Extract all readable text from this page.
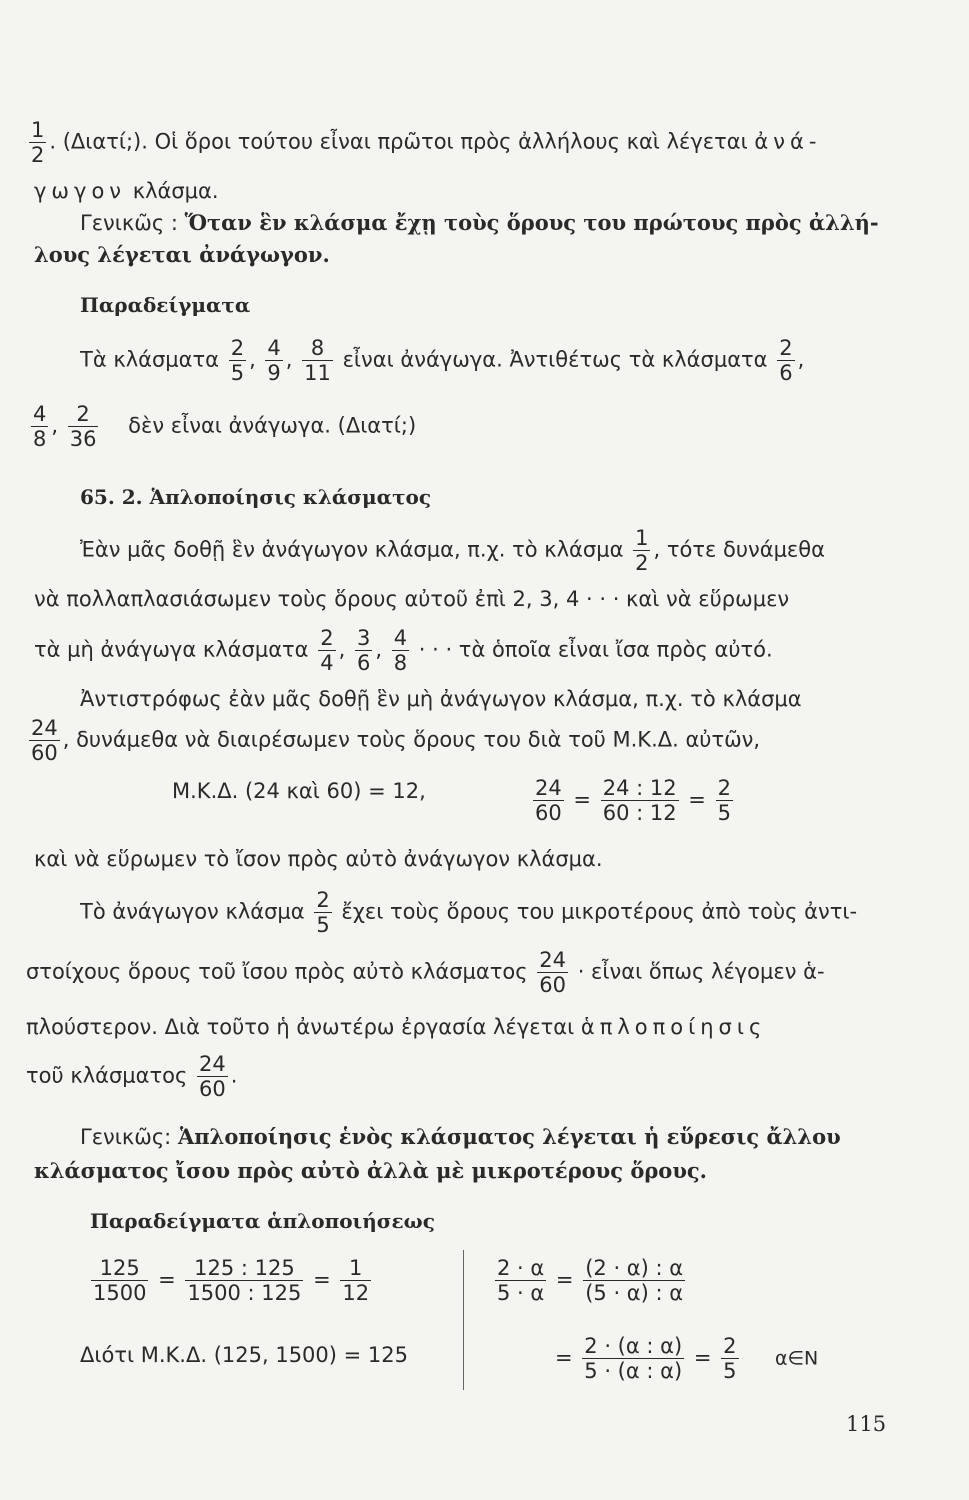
$\frac{1}{2}$ . (Διατί;). Οἱ ὅροι τούτου εἶναι πρῶτοι πρὸς ἀλλήλους καὶ λέγεται ἀνά-
γωγον κλάσμα.
Γενικῶς : Ὅταν ἓν κλάσμα ἔχῃ τοὺς ὅρους του πρώτους πρὸς ἀλλή-
λους λέγεται ἀνάγωγον.
Παραδείγματα
Τὰ κλάσματα $\frac{2}{5}$ , $\frac{4}{9}$ , $\frac{8}{11}$ εἶναι ἀνάγωγα. Ἀντιθέτως τὰ κλάσματα $\frac{2}{6}$ ,
$\frac{4}{8}$ , $\frac{2}{36}$ δὲν εἶναι ἀνάγωγα. (Διατί;)
65. 2. Ἁπλοποίησις κλάσματος
Ἐὰν μᾶς δοθῇ ἓν ἀνάγωγον κλάσμα, π.χ. τὸ κλάσμα $\frac{1}{2}$ , τότε δυνάμεθα
νὰ πολλαπλασιάσωμεν τοὺς ὅρους αὐτοῦ ἐπὶ 2, 3, 4 · · · καὶ νὰ εὕρωμεν
τὰ μὴ ἀνάγωγα κλάσματα $\frac{2}{4}$ , $\frac{3}{6}$ , $\frac{4}{8}$ · · · τὰ ὁποῖα εἶναι ἴσα πρὸς αὐτό.
Ἀντιστρόφως ἐὰν μᾶς δοθῇ ἓν μὴ ἀνάγωγον κλάσμα, π.χ. τὸ κλάσμα
$\frac{24}{60}$ , δυνάμεθα νὰ διαιρέσωμεν τοὺς ὅρους του διὰ τοῦ Μ.Κ.Δ. αὐτῶν,
Μ.Κ.Δ. (24 καὶ 60) = 12,	$\frac{24}{60} = \frac{24 : 12}{60 : 12} = \frac{2}{5}$
καὶ νὰ εὕρωμεν τὸ ἴσον πρὸς αὐτὸ ἀνάγωγον κλάσμα.
Τὸ ἀνάγωγον κλάσμα $\frac{2}{5}$ ἔχει τοὺς ὅρους του μικροτέρους ἀπὸ τοὺς ἀντι-
στοίχους ὅρους τοῦ ἴσου πρὸς αὐτὸ κλάσματος $\frac{24}{60}$ · εἶναι ὅπως λέγομεν ἁ-
πλούστερον. Διὰ τοῦτο ἡ ἀνωτέρω ἐργασία λέγεται ἁπλοποίησις
τοῦ κλάσματος $\frac{24}{60}$ .
Γενικῶς: Ἁπλοποίησις ἑνὸς κλάσματος λέγεται ἡ εὕρεσις ἄλλου
κλάσματος ἴσου πρὸς αὐτὸ ἀλλὰ μὲ μικροτέρους ὅρους.
Παραδείγματα ἁπλοποιήσεως
$\frac{125}{1500} = \frac{125 : 125}{1500 : 125} = \frac{1}{12}$
Διότι Μ.Κ.Δ. (125, 1500) = 125
$\frac{2 \cdot \alpha}{5 \cdot \alpha} = \frac{(2 \cdot \alpha) : \alpha}{(5 \cdot \alpha) : \alpha}$
= $\frac{2 \cdot (\alpha : \alpha)}{5 \cdot (\alpha : \alpha)} = \frac{2}{5}$ α∈N
115
